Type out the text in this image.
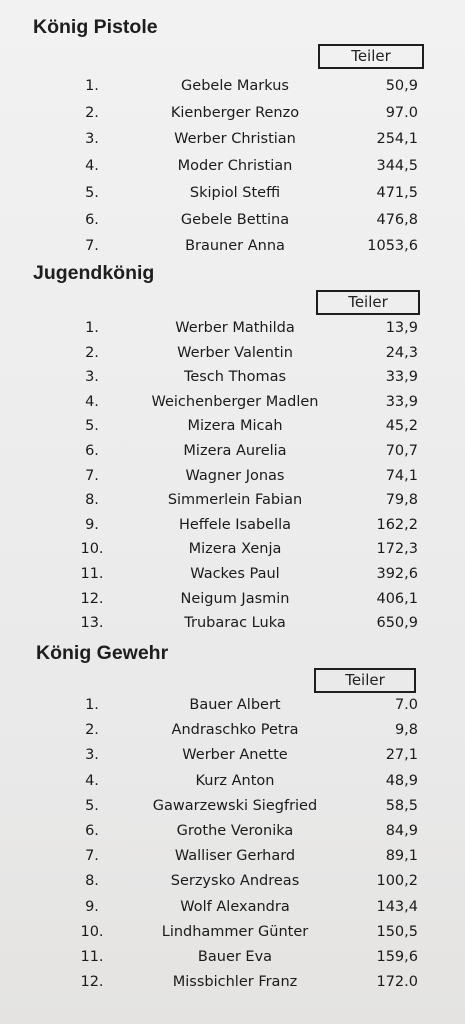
König Pistole
Teiler
1.	Gebele Markus	50,9
2.	Kienberger Renzo	97.0
3.	Werber Christian	254,1
4.	Moder Christian	344,5
5.	Skipiol Steffi	471,5
6.	Gebele Bettina	476,8
7.	Brauner Anna	1053,6
Jugendkönig
Teiler
1.	Werber Mathilda	13,9
2.	Werber Valentin	24,3
3.	Tesch Thomas	33,9
4.	Weichenberger Madlen	33,9
5.	Mizera Micah	45,2
6.	Mizera Aurelia	70,7
7.	Wagner Jonas	74,1
8.	Simmerlein Fabian	79,8
9.	Heffele Isabella	162,2
10.	Mizera Xenja	172,3
11.	Wackes Paul	392,6
12.	Neigum Jasmin	406,1
13.	Trubarac Luka	650,9
König Gewehr
Teiler
1.	Bauer Albert	7.0
2.	Andraschko Petra	9,8
3.	Werber Anette	27,1
4.	Kurz Anton	48,9
5.	Gawarzewski Siegfried	58,5
6.	Grothe Veronika	84,9
7.	Walliser Gerhard	89,1
8.	Serzysko Andreas	100,2
9.	Wolf Alexandra	143,4
10.	Lindhammer Günter	150,5
11.	Bauer Eva	159,6
12.	Missbichler Franz	172.0
